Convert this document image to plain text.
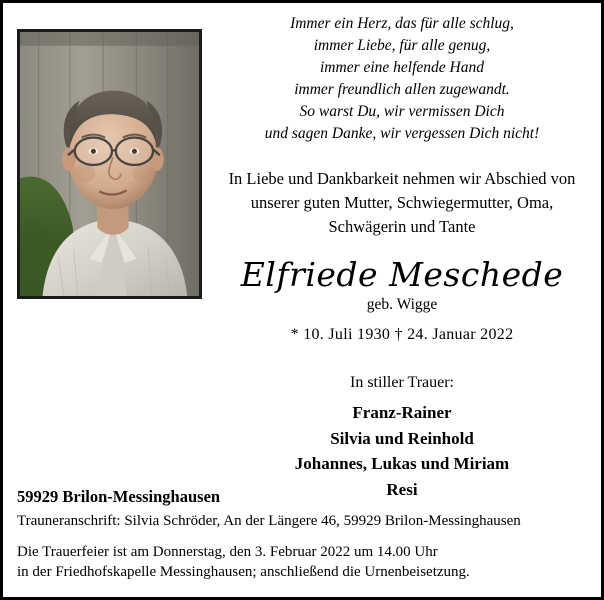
Immer ein Herz, das für alle schlug,
immer Liebe, für alle genug,
immer eine helfende Hand
immer freundlich allen zugewandt.
So warst Du, wir vermissen Dich
und sagen Danke, wir vergessen Dich nicht!
In Liebe und Dankbarkeit nehmen wir Abschied von
unserer guten Mutter, Schwiegermutter, Oma,
Schwägerin und Tante
Elfriede Meschede
geb. Wigge
* 10. Juli 1930 † 24. Januar 2022
In stiller Trauer:
Franz-Rainer
Silvia und Reinhold
Johannes, Lukas und Miriam
Resi
59929 Brilon-Messinghausen
Trauneranschrift: Silvia Schröder, An der Längere 46, 59929 Brilon-Messinghausen
Die Trauerfeier ist am Donnerstag, den 3. Februar 2022 um 14.00 Uhr
in der Friedhofskapelle Messinghausen; anschließend die Urnenbeisetzung.
